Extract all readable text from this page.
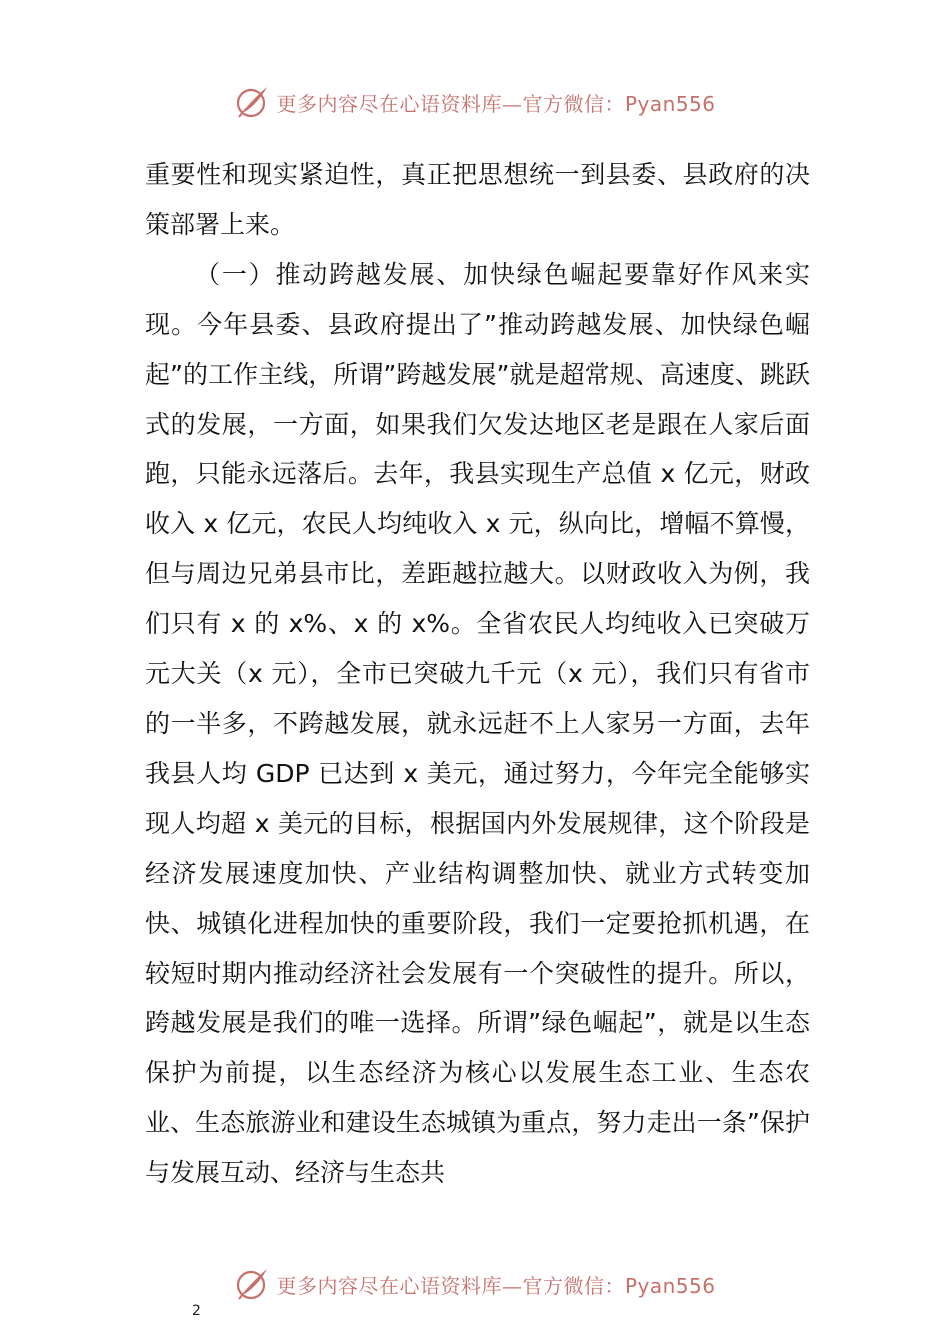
更多内容尽在心语资料库—官方微信：Pyan556

重要性和现实紧迫性，真正把思想统一到县委、县政府的决策部署上来。

（一）推动跨越发展、加快绿色崛起要靠好作风来实现。今年县委、县政府提出了”推动跨越发展、加快绿色崛起”的工作主线，所谓”跨越发展”就是超常规、高速度、跳跃式的发展，一方面，如果我们欠发达地区老是跟在人家后面跑，只能永远落后。去年，我县实现生产总值 x 亿元，财政收入 x 亿元，农民人均纯收入 x 元，纵向比，增幅不算慢，但与周边兄弟县市比，差距越拉越大。以财政收入为例，我们只有 x 的 x%、x 的 x%。全省农民人均纯收入已突破万元大关（x 元），全市已突破九千元（x 元），我们只有省市的一半多，不跨越发展，就永远赶不上人家另一方面，去年我县人均 GDP 已达到 x 美元，通过努力，今年完全能够实现人均超 x 美元的目标，根据国内外发展规律，这个阶段是经济发展速度加快、产业结构调整加快、就业方式转变加快、城镇化进程加快的重要阶段，我们一定要抢抓机遇，在较短时期内推动经济社会发展有一个突破性的提升。所以，跨越发展是我们的唯一选择。所谓”绿色崛起”，就是以生态保护为前提，以生态经济为核心以发展生态工业、生态农业、生态旅游业和建设生态城镇为重点，努力走出一条”保护与发展互动、经济与生态共

更多内容尽在心语资料库—官方微信：Pyan556
2
